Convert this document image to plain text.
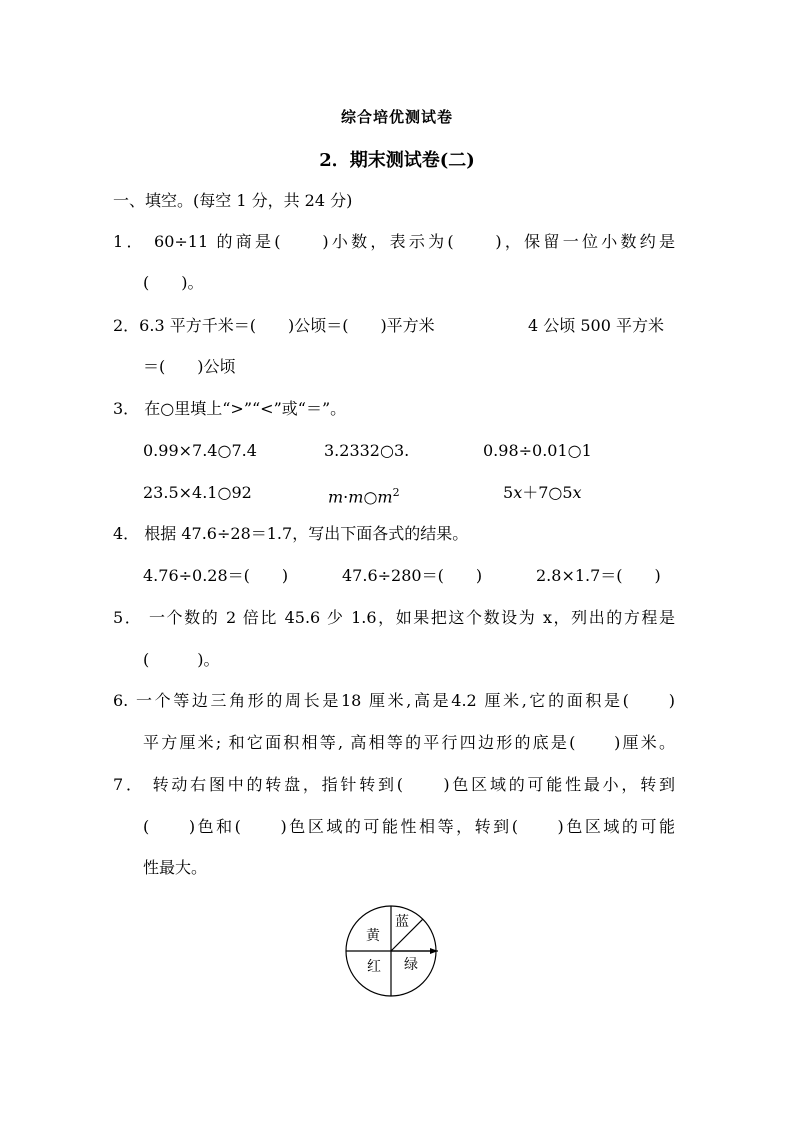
综合培优测试卷
2．期末测试卷(二)
一、填空。(每空 1 分，共 24 分)
1． 60÷11 的商是(　　)小数，表示为(　　)，保留一位小数约是
(　　)。
2．6.3 平方千米＝(　　)公顷＝(　　)平方米	4 公顷 500 平方米
＝(　　)公顷
3． 在○里填上“>”“<”或“＝”。
0.99×7.4○7.4	3.2332○3.	0.98÷0.01○1
23.5×4.1○92	$m\cdot m○m^2$	5x＋7○5x
4． 根据 47.6÷28＝1.7，写出下面各式的结果。
4.76÷0.28＝(　　)	47.6÷280＝(　　)	2.8×1.7＝(　　)
5． 一个数的 2 倍比 45.6 少 1.6，如果把这个数设为 x，列出的方程是
(　　　)。
6. 一个等边三角形的周长是18 厘米,高是4.2 厘米,它的面积是(　　)
平方厘米; 和它面积相等, 高相等的平行四边形的底是(　　)厘米。
7． 转动右图中的转盘，指针转到(　　)色区域的可能性最小，转到
(　　)色和(　　)色区域的可能性相等，转到(　　)色区域的可能
性最大。
黄
蓝
红 绿
